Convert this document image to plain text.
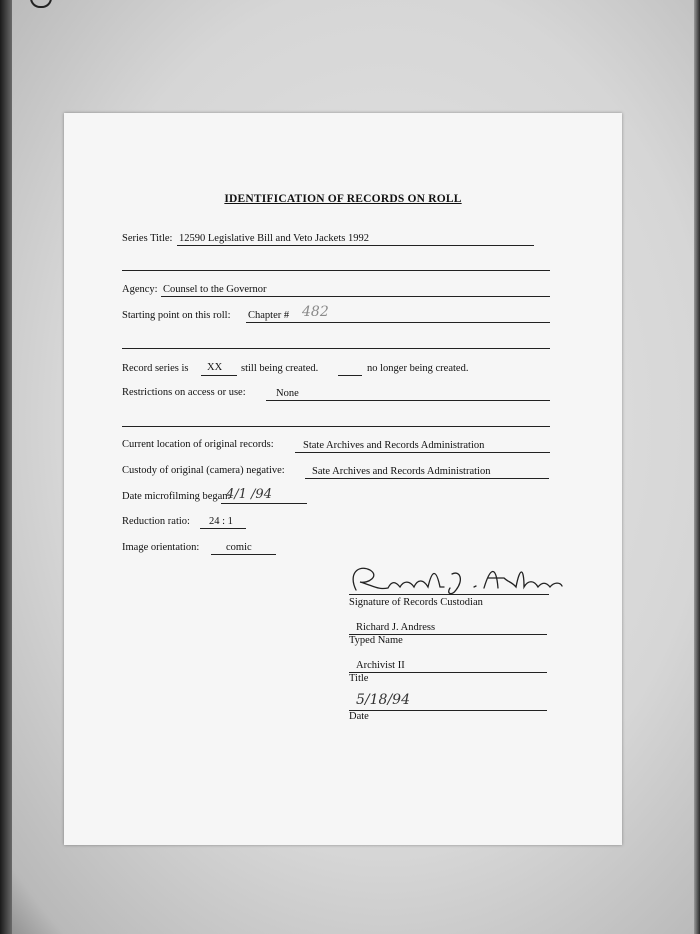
IDENTIFICATION OF RECORDS ON ROLL
Series Title: 12590 Legislative Bill and Veto Jackets 1992
Agency: Counsel to the Governor
Starting point on this roll: Chapter # 482
Record series is XX still being created.	no longer being created.
Restrictions on access or use:	None
Current location of original records:	State Archives and Records Administration
Custody of original (camera) negative:	Sate Archives and Records Administration
Date microfilming began:
4/1 /94
Reduction ratio: 24 : 1
Image orientation:	comic
Richard J. Andress
Signature of Records Custodian
Richard J. Andress
Typed Name
Archivist II
Title
5/18/94
Date
